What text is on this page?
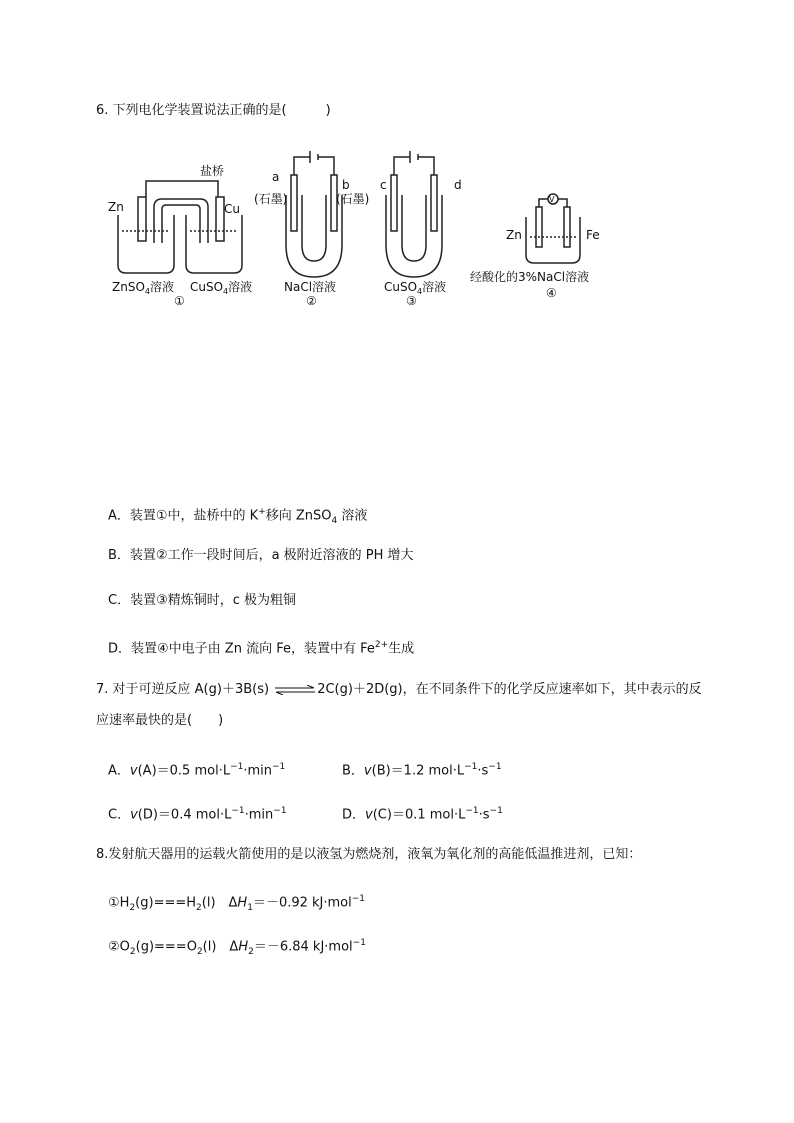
6. 下列电化学装置说法正确的是(　　　)
盐桥
Zn	Cu
ZnSO$_4$溶液 CuSO$_4$溶液
①
a
b
(石墨)	(石墨)
NaCl溶液
②
c	d
CuSO$_4$溶液
③
V
Zn	Fe
经酸化的3%NaCl溶液
④
A．装置①中，盐桥中的 K+移向 ZnSO$_4$ 溶液
B．装置②工作一段时间后，a 极附近溶液的 PH 增大
C．装置③精炼铜时，c 极为粗铜
D．装置④中电子由 Zn 流向 Fe，装置中有 $Fe^{2+}$生成
7. 对于可逆反应 A(g)＋3B(s) ⇌2C(g)＋2D(g)，在不同条件下的化学反应速率如下，其中表示的反
应速率最快的是(　　)
A．v(A)＝0.5 $mol\cdot L^{-1}\cdot\min^{-1}$	B．v(B)＝1.2 $mol\cdot L^{-1}\cdot s^{-1}$
C．v(D)＝0.4 $mol\cdot L^{-1}\cdot\min^{-1}$	D．v(C)＝0.1 $mol\cdot L^{-1}\cdot s^{-1}$
8.发射航天器用的运载火箭使用的是以液氢为燃烧剂，液氧为氧化剂的高能低温推进剂，已知：
$①H_2(g)===H_2(l)$　$\Delta H_1=-0.92$ kJ·mol$^{-1}$
$②O_2(g)===O_2(l)$　$\Delta H_2=-6.84$ kJ·mol$^{-1}$
